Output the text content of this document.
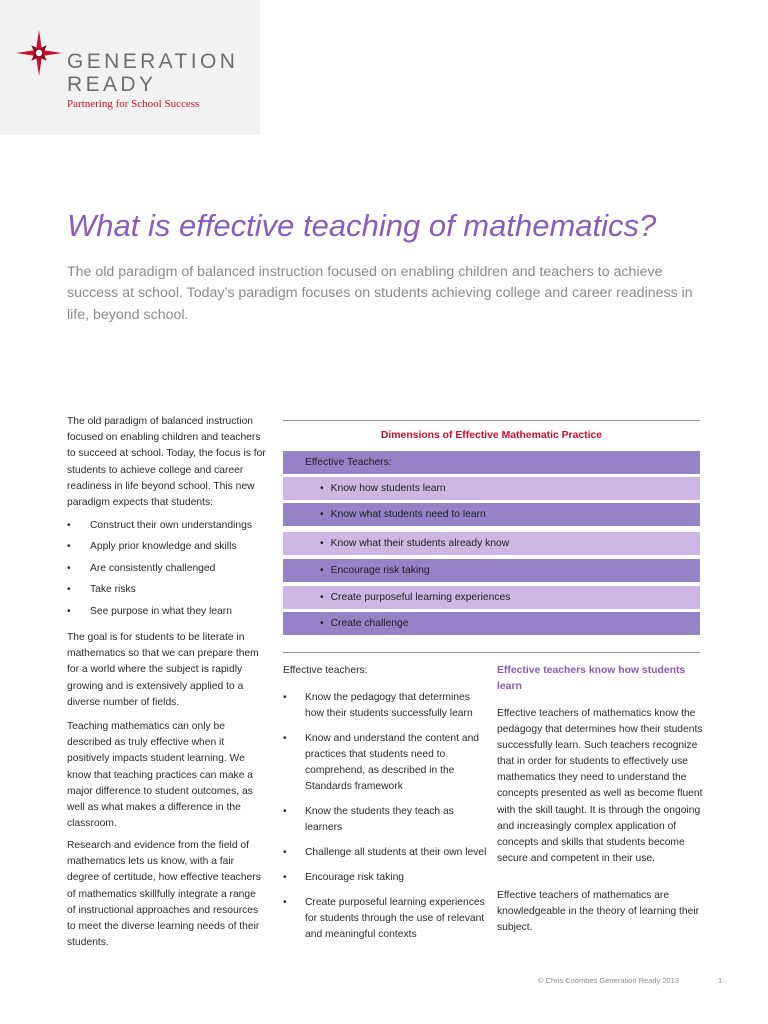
GENERATION
READY
Partnering for School Success
What is effective teaching of mathematics?

The old paradigm of balanced instruction focused on enabling children and teachers to achieve success at school. Today’s paradigm focuses on students achieving college and career readiness in life, beyond school.

The old paradigm of balanced instruction focused on enabling children and teachers to succeed at school. Today, the focus is for students to achieve college and career readiness in life beyond school. This new paradigm expects that students:

• Construct their own understandings
• Apply prior knowledge and skills
• Are consistently challenged
• Take risks
• See purpose in what they learn

The goal is for students to be literate in mathematics so that we can prepare them for a world where the subject is rapidly growing and is extensively applied to a diverse number of fields.

Teaching mathematics can only be described as truly effective when it positively impacts student learning. We know that teaching practices can make a major difference to student outcomes, as well as what makes a difference in the classroom.

Research and evidence from the field of mathematics lets us know, with a fair degree of certitude, how effective teachers of mathematics skillfully integrate a range of instructional approaches and resources to meet the diverse learning needs of their students.

Dimensions of Effective Mathematic Practice

Effective Teachers:
• Know how students learn
• Know what students need to learn
• Know what their students already know
• Encourage risk taking
• Create purposeful learning experiences
• Create challenge

Effective teachers:

• Know the pedagogy that determines how their students successfully learn
• Know and understand the content and practices that students need to comprehend, as described in the Standards framework
• Know the students they teach as learners
• Challenge all students at their own level
• Encourage risk taking
• Create purposeful learning experiences for students through the use of relevant and meaningful contexts

Effective teachers know how students learn

Effective teachers of mathematics know the pedagogy that determines how their students successfully learn. Such teachers recognize that in order for students to effectively use mathematics they need to understand the concepts presented as well as become fluent with the skill taught. It is through the ongoing and increasingly complex application of concepts and skills that students become secure and competent in their use.

Effective teachers of mathematics are knowledgeable in the theory of learning their subject.

© Chris Coombes Generation Ready 2013	1
